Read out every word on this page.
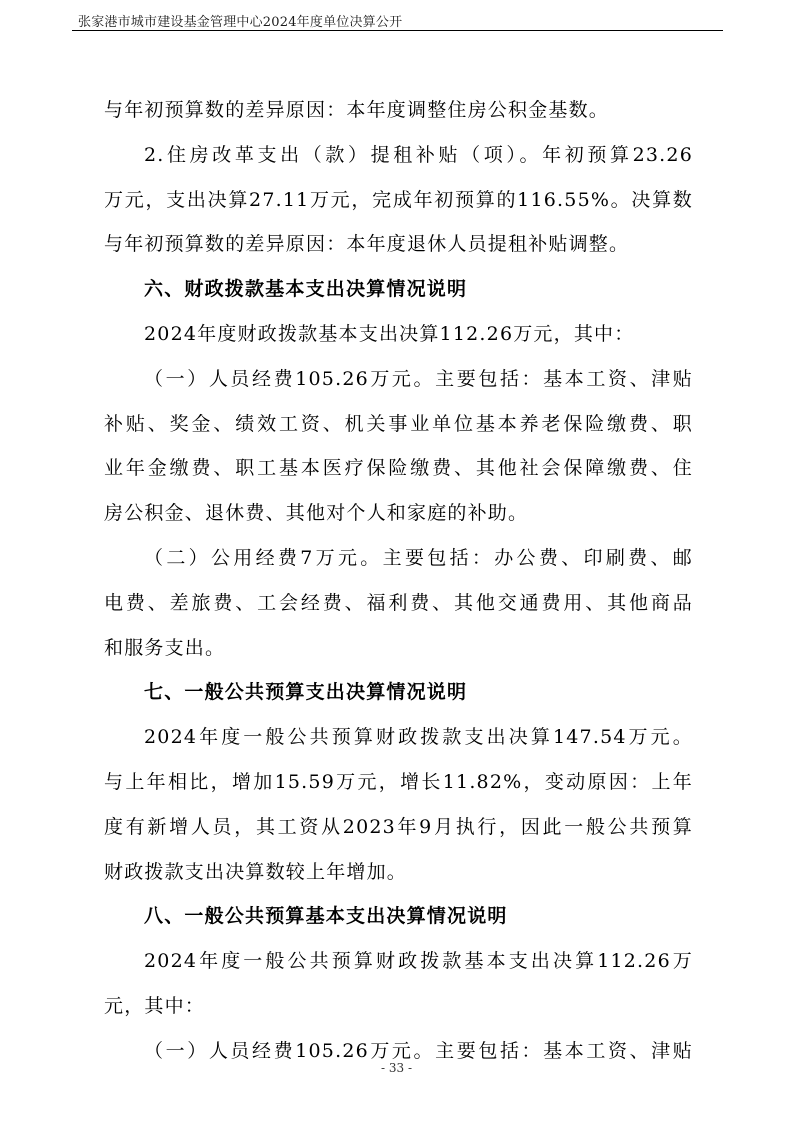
张家港市城市建设基金管理中心2024年度单位决算公开
与年初预算数的差异原因：本年度调整住房公积金基数。
2.住房改革支出（款）提租补贴（项）。年初预算23.26
万元，支出决算27.11万元，完成年初预算的116.55%。决算数
与年初预算数的差异原因：本年度退休人员提租补贴调整。
六、财政拨款基本支出决算情况说明
2024年度财政拨款基本支出决算112.26万元，其中：
（一）人员经费105.26万元。主要包括：基本工资、津贴
补贴、奖金、绩效工资、机关事业单位基本养老保险缴费、职
业年金缴费、职工基本医疗保险缴费、其他社会保障缴费、住
房公积金、退休费、其他对个人和家庭的补助。
（二）公用经费7万元。主要包括：办公费、印刷费、邮
电费、差旅费、工会经费、福利费、其他交通费用、其他商品
和服务支出。
七、一般公共预算支出决算情况说明
2024年度一般公共预算财政拨款支出决算147.54万元。
与上年相比，增加15.59万元，增长11.82%，变动原因：上年
度有新增人员，其工资从2023年9月执行，因此一般公共预算
财政拨款支出决算数较上年增加。
八、一般公共预算基本支出决算情况说明
2024年度一般公共预算财政拨款基本支出决算112.26万
元，其中：
（一）人员经费105.26万元。主要包括：基本工资、津贴
- 33 -
